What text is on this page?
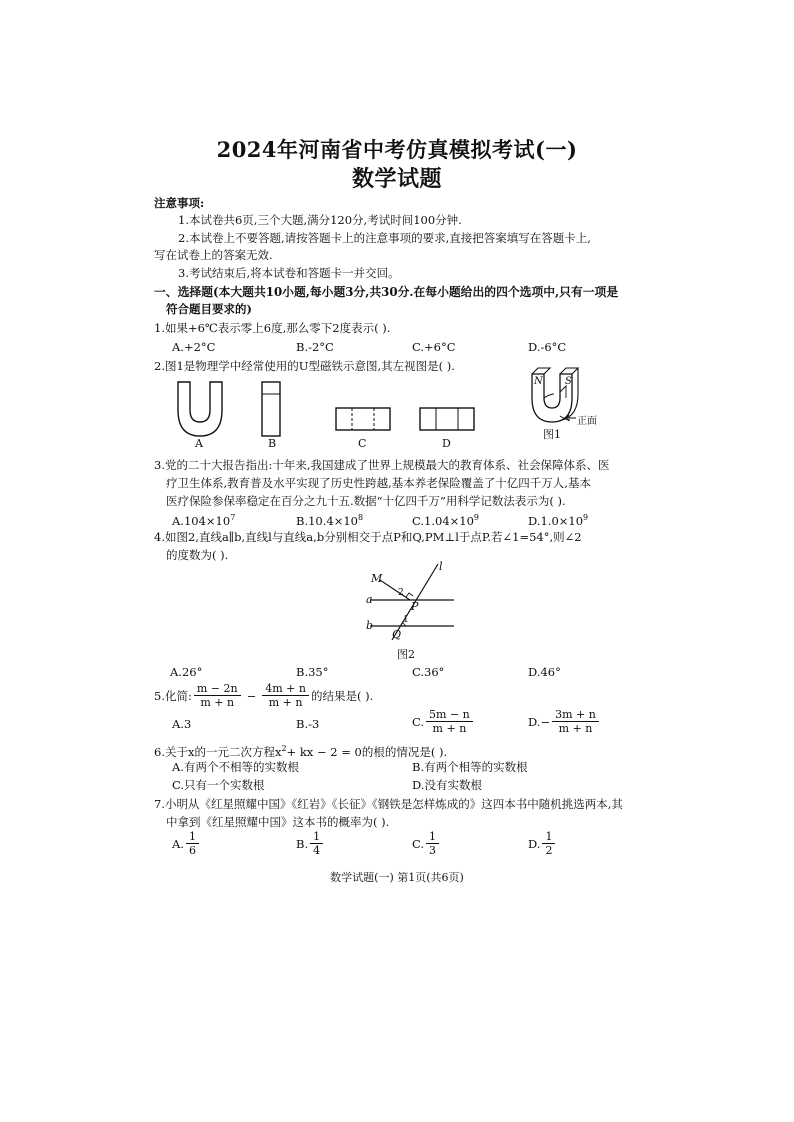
2024年河南省中考仿真模拟考试(一)
数学试题
注意事项:
1.本试卷共6页,三个大题,满分120分,考试时间100分钟.
2.本试卷上不要答题,请按答题卡上的注意事项的要求,直接把答案填写在答题卡上,
写在试卷上的答案无效.
3.考试结束后,将本试卷和答题卡一并交回。
一、选择题(本大题共10小题,每小题3分,共30分.在每小题给出的四个选项中,只有一项是
符合题目要求的)
1.如果+6℃表示零上6度,那么零下2度表示( ).
A.+2°C	B.-2°C	C.+6°C	D.-6°C
2.图1是物理学中经常使用的U型磁铁示意图,其左视图是( ).
A	B	C	D
N S
正面
图1
3.党的二十大报告指出:十年来,我国建成了世界上规模最大的教育体系、社会保障体系、医
疗卫生体系,教育普及水平实现了历史性跨越,基本养老保险覆盖了十亿四千万人,基本
医疗保险参保率稳定在百分之九十五.数据“十亿四千万”用科学记数法表示为( ).
$A.104\times 10^7$	$B.10.4\times 10^8$	$C.1.04\times 10^9$	$D.1.0\times 10^9$
4.如图2,直线a∥b,直线l与直线a,b分别相交于点P和Q,PM⊥l于点P.若∠1=54°,则∠2
的度数为( ).
l
M
a
b
P
Q
1
2
图2
A.26°	B.35°	C.36°	D.46°
5.化简: $\frac{m - 2n}{m + n} - \frac{4m + n}{m + n}$ 的结果是( ).
A.3	B.-3	C. $\frac{5m - n}{m + n}$	$D.- \frac{3m + n}{m + n}$
6.关于x的一元二次方程$x^2+$ kx − 2 = 0的根的情况是( ).
A.有两个不相等的实数根	B.有两个相等的实数根
C.只有一个实数根	D.没有实数根
7.小明从《红星照耀中国》《红岩》《长征》《钢铁是怎样炼成的》这四本书中随机挑选两本,其
中拿到《红星照耀中国》这本书的概率为( ).
A. $\frac{1}{6}$	B. $\frac{1}{4}$	C. $\frac{1}{3}$	D. $\frac{1}{2}$
数学试题(一) 第1页(共6页)
